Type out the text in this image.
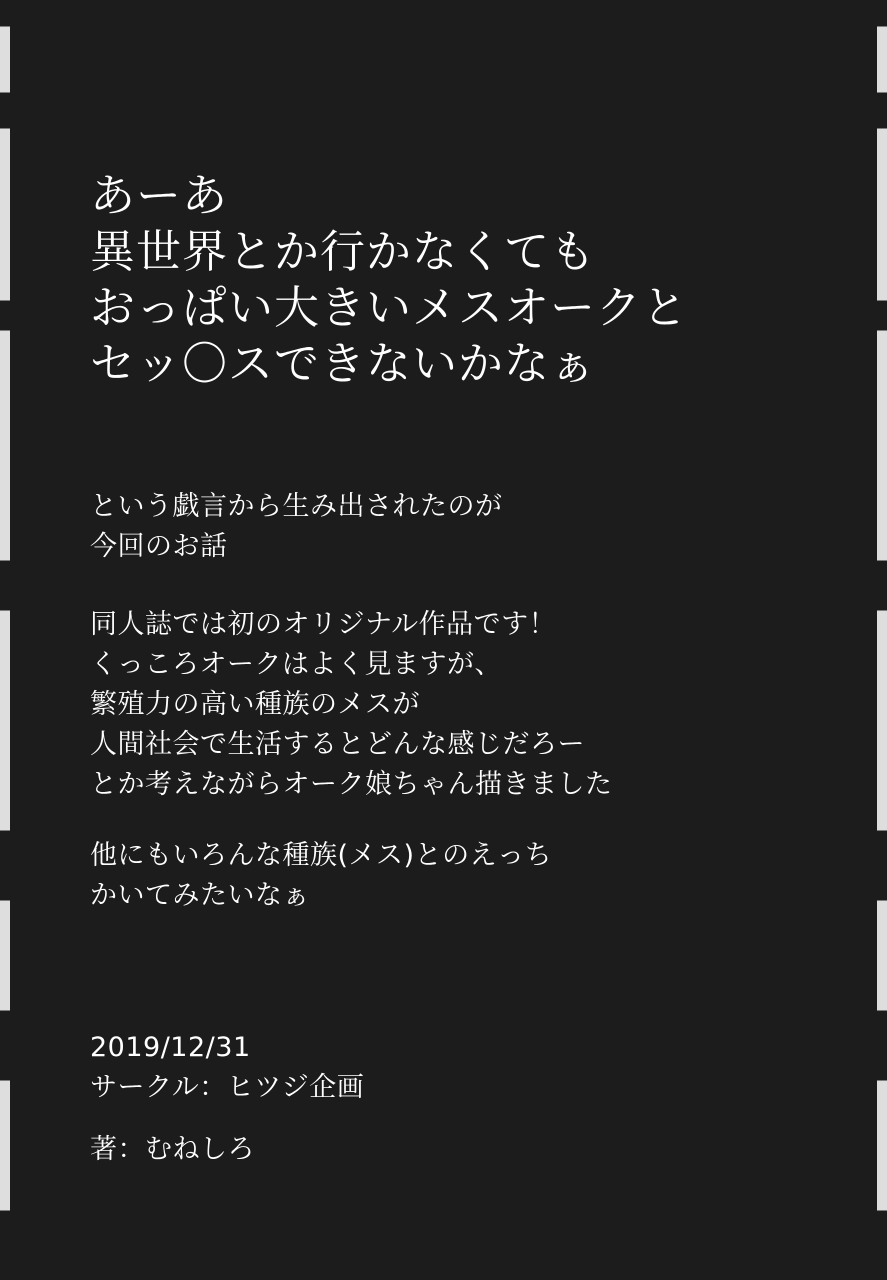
あーあ
異世界とか行かなくても
おっぱい大きいメスオークと
セッ〇スできないかなぁ
という戯言から生み出されたのが
今回のお話
同人誌では初のオリジナル作品です！
くっころオークはよく見ますが、
繁殖力の高い種族のメスが
人間社会で生活するとどんな感じだろー
とか考えながらオーク娘ちゃん描きました
他にもいろんな種族(メス)とのえっち
かいてみたいなぁ
2019/12/31
サークル：ヒツジ企画
著：むねしろ
